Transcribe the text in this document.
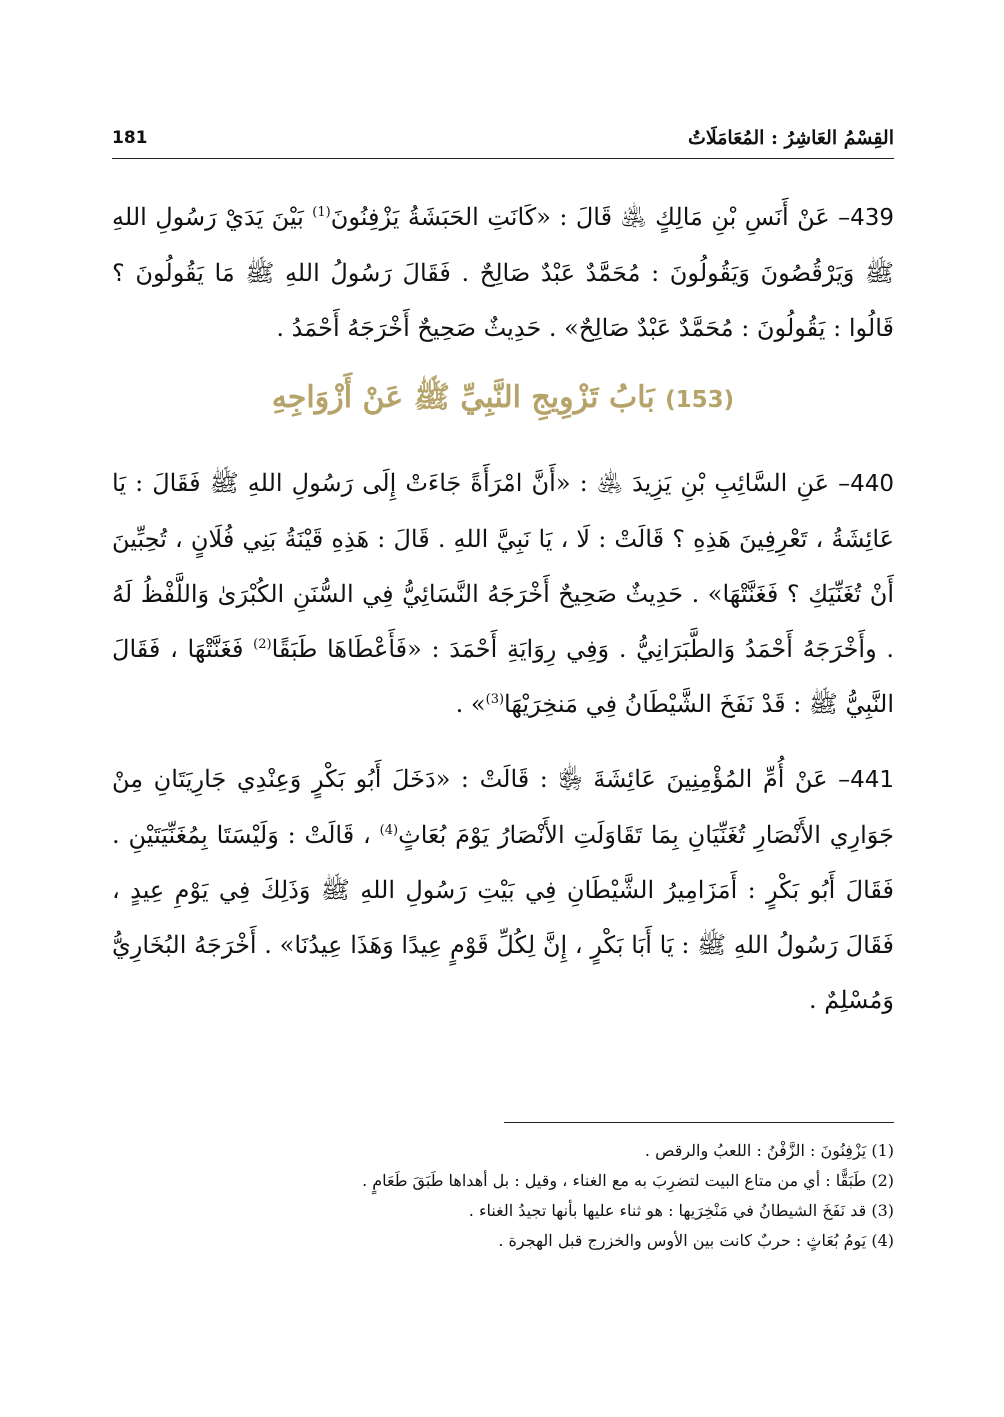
181	القِسْمُ العَاشِرُ : المُعَامَلَاتُ

439– عَنْ أَنَسِ بْنِ مَالِكٍ ﵁ قَالَ : «كَانَتِ الحَبَشَةُ يَزْفِنُونَ$^{(1)}$ بَيْنَ يَدَيْ رَسُولِ اللهِ ﷺ وَيَرْقُصُونَ وَيَقُولُونَ : مُحَمَّدٌ عَبْدٌ صَالِحٌ . فَقَالَ رَسُولُ اللهِ ﷺ مَا يَقُولُونَ ؟ قَالُوا : يَقُولُونَ : مُحَمَّدٌ عَبْدٌ صَالِحٌ» . حَدِيثٌ صَحِيحٌ أَخْرَجَهُ أَحْمَدُ .

(153) بَابُ تَزْوِيجِ النَّبِيِّ ﷺ عَنْ أَزْوَاجِهِ

440– عَنِ السَّائِبِ بْنِ يَزِيدَ ﵁ : «أَنَّ امْرَأَةً جَاءَتْ إِلَى رَسُولِ اللهِ ﷺ فَقَالَ : يَا عَائِشَةُ ، تَعْرِفِينَ هَذِهِ ؟ قَالَتْ : لَا ، يَا نَبِيَّ اللهِ . قَالَ : هَذِهِ قَيْنَةُ بَنِي فُلَانٍ ، تُحِبِّينَ أَنْ تُغَنِّيَكِ ؟ فَغَنَّتْهَا» . حَدِيثٌ صَحِيحٌ أَخْرَجَهُ النَّسَائِيُّ فِي السُّنَنِ الكُبْرَىٰ وَاللَّفْظُ لَهُ . وأَخْرَجَهُ أَحْمَدُ وَالطَّبَرَانِيُّ . وَفِي رِوَايَةِ أَحْمَدَ : «فَأَعْطَاهَا طَبَقًا$^{(2)}$ فَغَنَّتْهَا ، فَقَالَ النَّبِيُّ ﷺ : قَدْ نَفَخَ الشَّيْطَانُ فِي مَنخِرَيْهَا$^{(3)}$» .

441– عَنْ أُمِّ المُؤْمِنِينَ عَائِشَةَ ﵂ : قَالَتْ : «دَخَلَ أَبُو بَكْرٍ وَعِنْدِي جَارِيَتَانِ مِنْ جَوَارِي الأَنْصَارِ تُغَنِّيَانِ بِمَا تَقَاوَلَتِ الأَنْصَارُ يَوْمَ بُعَاثٍ$^{(4)}$ ، قَالَتْ : وَلَيْسَتَا بِمُغَنِّيَتَيْنِ . فَقَالَ أَبُو بَكْرٍ : أَمَزَامِيرُ الشَّيْطَانِ فِي بَيْتِ رَسُولِ اللهِ ﷺ وَذَلِكَ فِي يَوْمِ عِيدٍ ، فَقَالَ رَسُولُ اللهِ ﷺ : يَا أَبَا بَكْرٍ ، إِنَّ لِكُلِّ قَوْمٍ عِيدًا وَهَذَا عِيدُنَا» . أَخْرَجَهُ البُخَارِيُّ وَمُسْلِمٌ .

(1) يَزْفِنُونَ : الزَّفْنُ : اللعبُ والرقص .

(2) طَبَقًّا : أي من متاع البيت لتضرِبَ به مع الغناء ، وقيل : بل أهداها طَبَقَ طَعَامٍ .

(3) قد نَفَخَ الشيطانُ في مَنْخِرَيها : هو ثناء عليها بأنها تجيدُ الغناء .

(4) يَومُ بُعَاثٍ : حربٌ كانت بين الأوس والخزرج قبل الهجرة .
